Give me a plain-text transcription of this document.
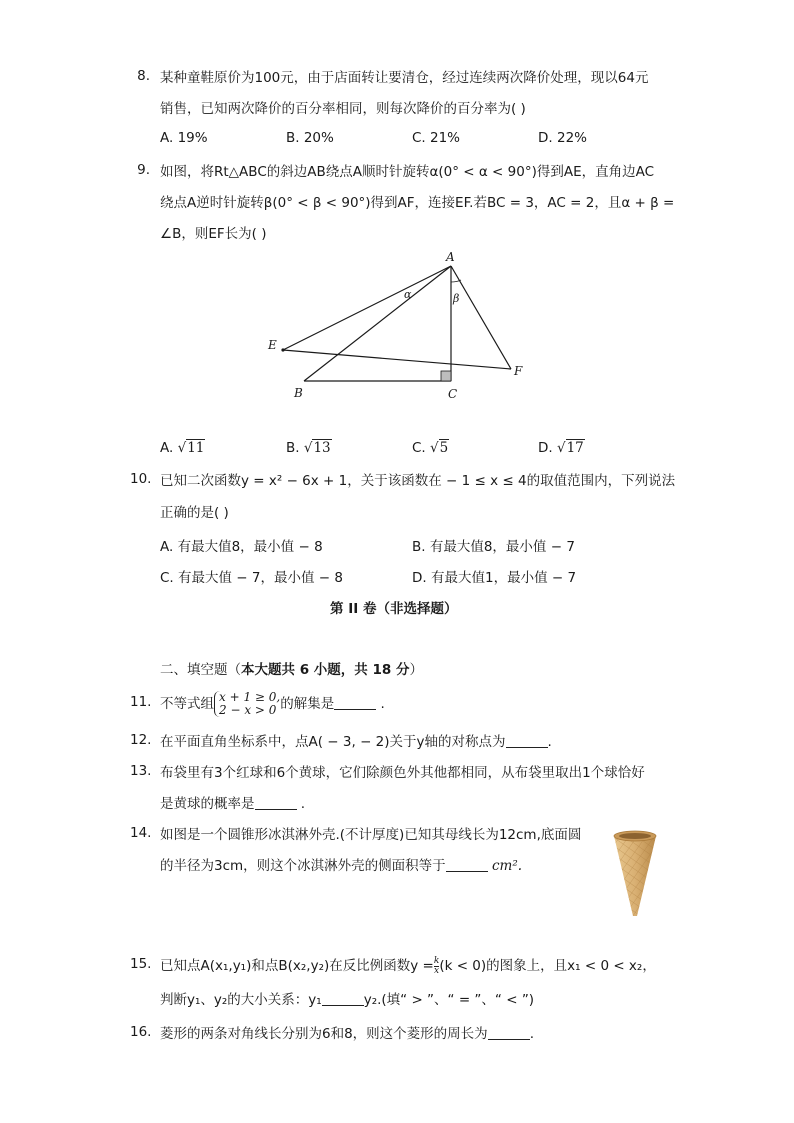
8. 某种童鞋原价为100元，由于店面转让要清仓，经过连续两次降价处理，现以64元
销售，已知两次降价的百分率相同，则每次降价的百分率为( )
A. 19%	B. 20%	C. 21%	D. 22%
9. 如图，将Rt△ABC的斜边AB绕点A顺时针旋转α(0° < α < 90°)得到AE，直角边AC
绕点A逆时针旋转β(0° < β < 90°)得到AF，连接EF.若BC = 3，AC = 2，且α + β =
∠B，则EF长为( )
A
B	C
E
F
α	β
A. √11	B. √13	C. √5	D. √17
10. 已知二次函数y = x² − 6x + 1，关于该函数在 − 1 ≤ x ≤ 4的取值范围内，下列说法
正确的是( )
A. 有最大值8，最小值 − 8	B. 有最大值8，最小值 − 7
C. 有最大值 − 7，最小值 − 8	D. 有最大值1，最小值 − 7
第 II 卷（非选择题）
二、填空题（本大题共 6 小题，共 18 分）
11. 不等式组 x + 1 ≥ 0,
2 − x > 0 的解集是	.
12. 在平面直角坐标系中，点A( − 3, − 2)关于y轴的对称点为	.
13. 布袋里有3个红球和6个黄球，它们除颜色外其他都相同，从布袋里取出1个球恰好
是黄球的概率是	.
14. 如图是一个圆锥形冰淇淋外壳.(不计厚度)已知其母线长为12cm,底面圆
的半径为3cm，则这个冰淇淋外壳的侧面积等于	cm².
15. 已知点A(x₁,y₁)和点B(x₂,y₂)在反比例函数$y = \frac{k}{x} (k < 0)$的图象上，且x₁ < 0 < x₂，
判断y₁、y₂的大小关系：y₁	y₂.(填“ > ”、“ = ”、“ < ”)
16. 菱形的两条对角线长分别为6和8，则这个菱形的周长为	.
